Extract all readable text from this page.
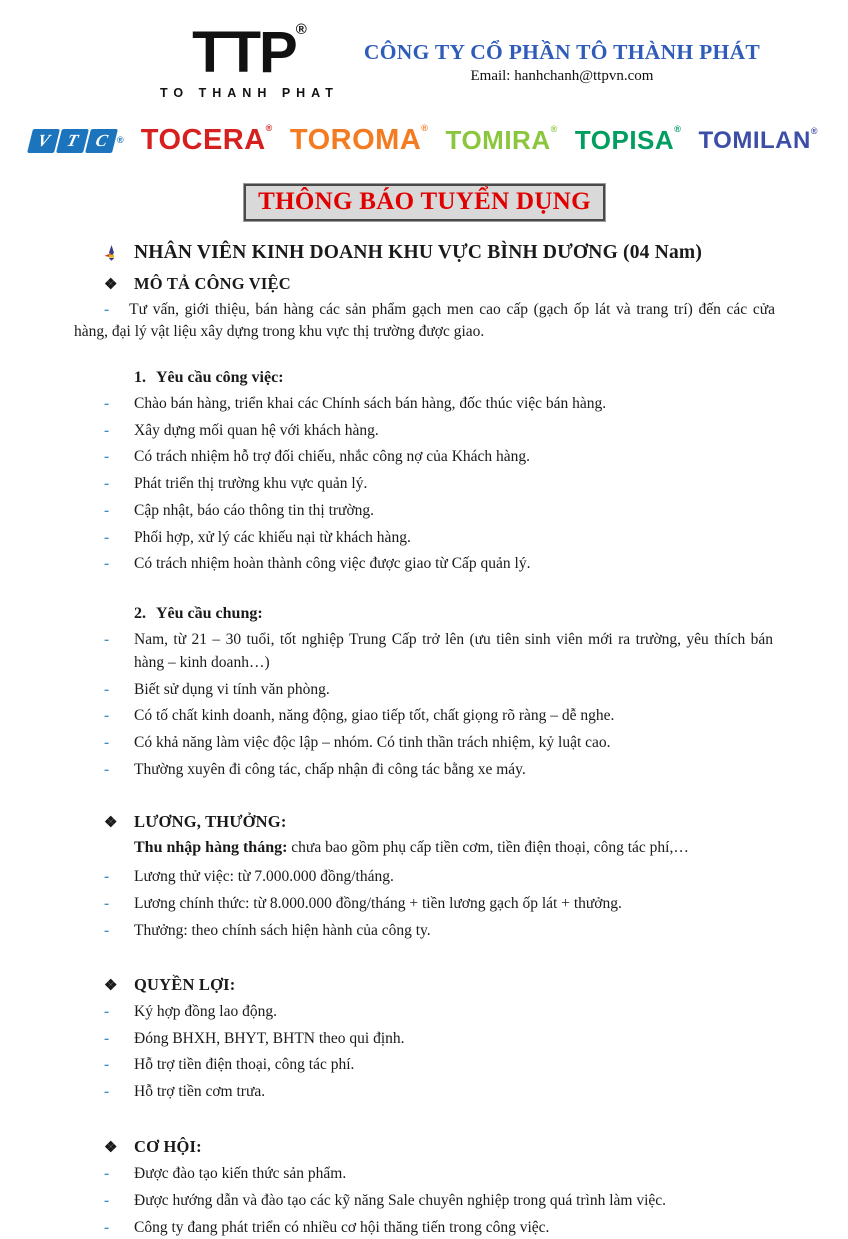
TTP®
TO THANH PHAT
CÔNG TY CỔ PHẦN TÔ THÀNH PHÁT
Email: hanhchanh@ttpvn.com
V T C ® TOCERA® TOROMA® TOMIRA® TOPISA® TOMILAN®
THÔNG BÁO TUYỂN DỤNG
NHÂN VIÊN KINH DOANH KHU VỰC BÌNH DƯƠNG (04 Nam)
❖	MÔ TẢ CÔNG VIỆC

- Tư vấn, giới thiệu, bán hàng các sản phẩm gạch men cao cấp (gạch ốp lát và trang trí) đến các cửa hàng, đại lý vật liệu xây dựng trong khu vực thị trường được giao.

1. Yêu cầu công việc:
-	Chào bán hàng, triển khai các Chính sách bán hàng, đốc thúc việc bán hàng.
-	Xây dựng mối quan hệ với khách hàng.
-	Có trách nhiệm hỗ trợ đối chiếu, nhắc công nợ của Khách hàng.
-	Phát triển thị trường khu vực quản lý.
-	Cập nhật, báo cáo thông tin thị trường.
-	Phối hợp, xử lý các khiếu nại từ khách hàng.
-	Có trách nhiệm hoàn thành công việc được giao từ Cấp quản lý.
2. Yêu cầu chung:
-	Nam, từ 21 – 30 tuổi, tốt nghiệp Trung Cấp trở lên (ưu tiên sinh viên mới ra trường, yêu thích bán hàng – kinh doanh…)
-	Biết sử dụng vi tính văn phòng.
-	Có tố chất kinh doanh, năng động, giao tiếp tốt, chất giọng rõ ràng – dễ nghe.
-	Có khả năng làm việc độc lập – nhóm. Có tinh thần trách nhiệm, kỷ luật cao.
-	Thường xuyên đi công tác, chấp nhận đi công tác bằng xe máy.
❖	LƯƠNG, THƯỞNG:
Thu nhập hàng tháng: chưa bao gồm phụ cấp tiền cơm, tiền điện thoại, công tác phí,…
-	Lương thử việc: từ 7.000.000 đồng/tháng.
-	Lương chính thức: từ 8.000.000 đồng/tháng + tiền lương gạch ốp lát + thưởng.
-	Thưởng: theo chính sách hiện hành của công ty.
❖	QUYỀN LỢI:
-	Ký hợp đồng lao động.
-	Đóng BHXH, BHYT, BHTN theo qui định.
-	Hỗ trợ tiền điện thoại, công tác phí.
-	Hỗ trợ tiền cơm trưa.
❖	CƠ HỘI:
-	Được đào tạo kiến thức sản phẩm.
-	Được hướng dẫn và đào tạo các kỹ năng Sale chuyên nghiệp trong quá trình làm việc.
-	Công ty đang phát triển có nhiều cơ hội thăng tiến trong công việc.
